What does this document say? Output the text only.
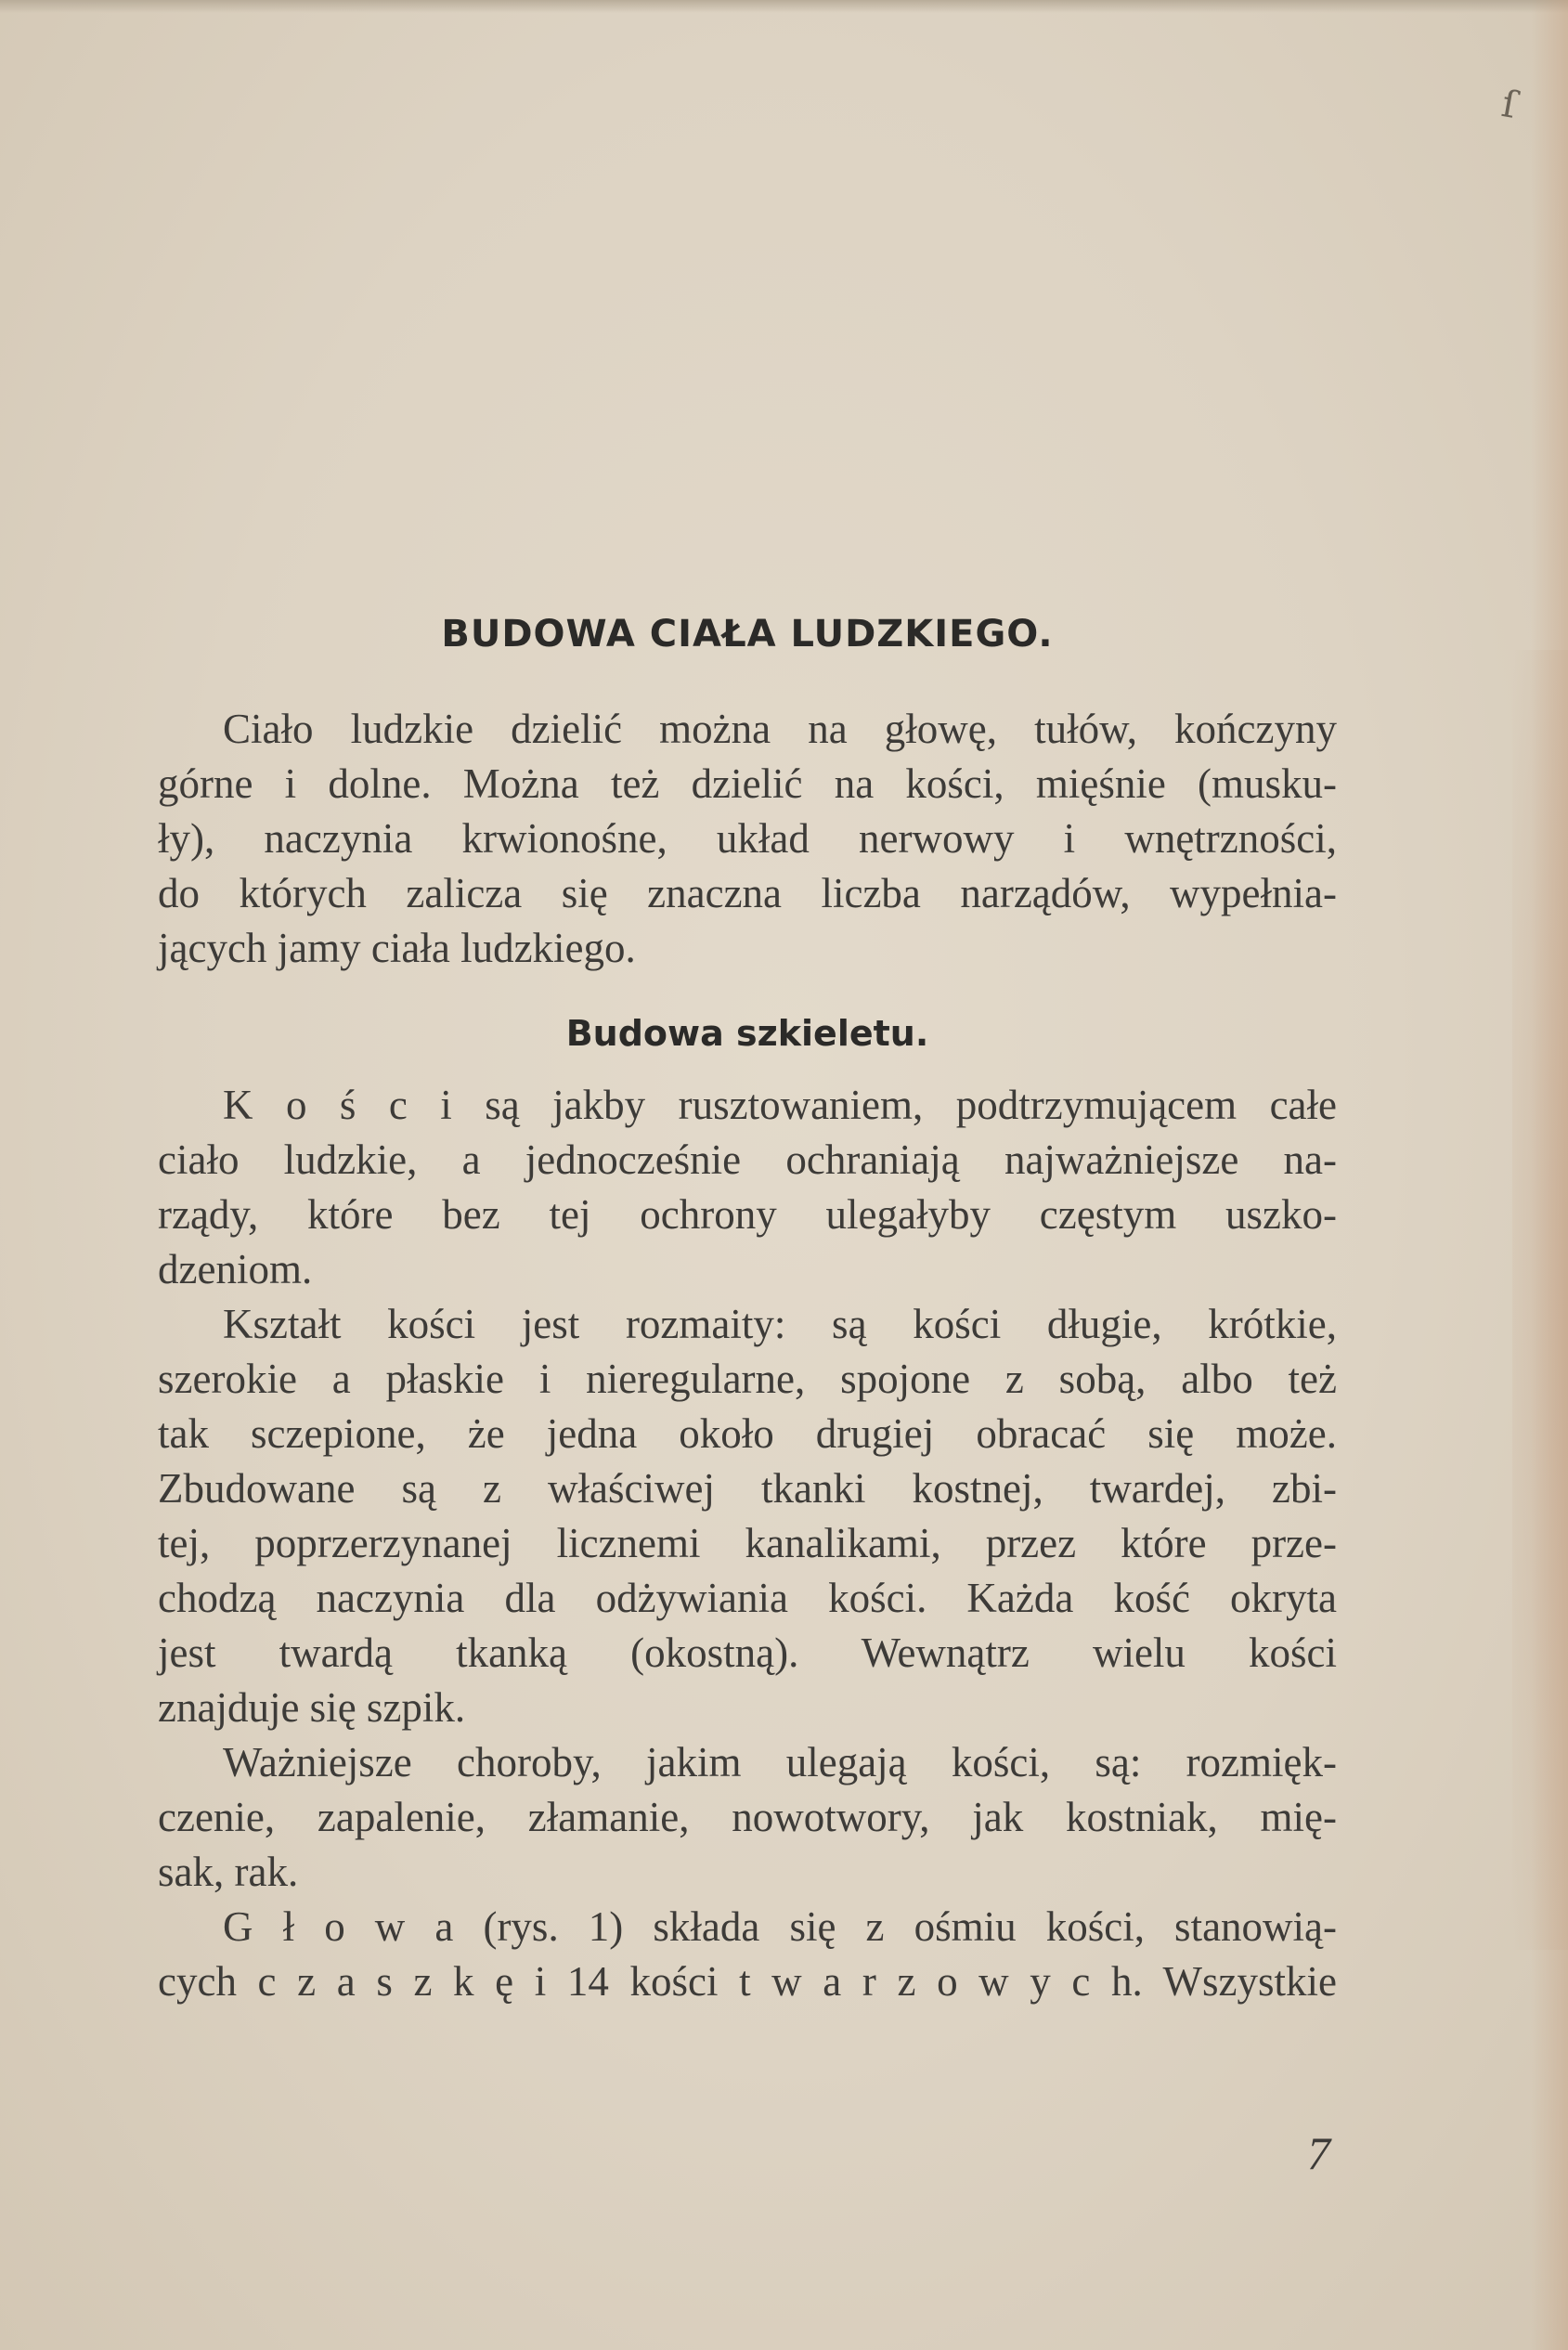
ſ
BUDOWA CIAŁA LUDZKIEGO.

Ciało ludzkie dzielić można na głowę, tułów, kończyny
górne i dolne. Można też dzielić na kości, mięśnie (musku-
ły), naczynia krwionośne, układ nerwowy i wnętrzności,
do których zalicza się znaczna liczba narządów, wypełnia-
jących jamy ciała ludzkiego.

Budowa szkieletu.

K o ś c i są jakby rusztowaniem, podtrzymującem całe
ciało ludzkie, a jednocześnie ochraniają najważniejsze na-
rządy, które bez tej ochrony ulegałyby częstym uszko-
dzeniom.

Kształt kości jest rozmaity: są kości długie, krótkie,
szerokie a płaskie i nieregularne, spojone z sobą, albo też
tak sczepione, że jedna około drugiej obracać się może.
Zbudowane są z właściwej tkanki kostnej, twardej, zbi-
tej, poprzerzynanej licznemi kanalikami, przez które prze-
chodzą naczynia dla odżywiania kości. Każda kość okryta
jest twardą tkanką (okostną). Wewnątrz wielu kości
znajduje się szpik.

Ważniejsze choroby, jakim ulegają kości, są: rozmięk-
czenie, zapalenie, złamanie, nowotwory, jak kostniak, mię-
sak, rak.

G ł o w a (rys. 1) składa się z ośmiu kości, stanowią-
cych c z a s z k ę i 14 kości t w a r z o w y c h. Wszystkie

7
